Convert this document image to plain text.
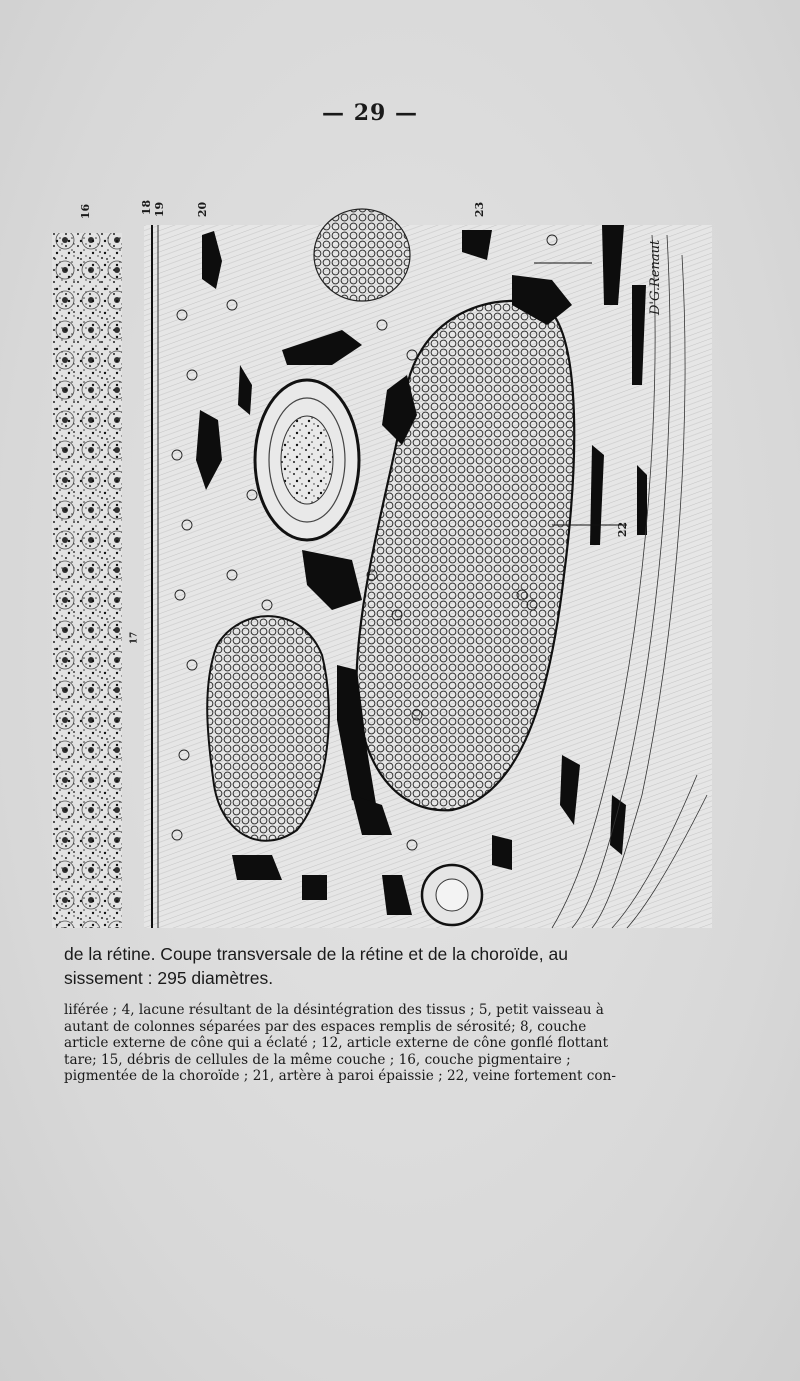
— 29 —
16	18 19	20	23
22
17
D'G.Renaut
de la rétine. Coupe transversale de la rétine et de la choroïde, au
sissement : 295 diamètres.

liférée ; 4, lacune résultant de la désintégration des tissus ; 5, petit vaisseau à

autant de colonnes séparées par des espaces remplis de sérosité; 8, couche

article externe de cône qui a éclaté ; 12, article externe de cône gonflé flottant

tare; 15, débris de cellules de la même couche ; 16, couche pigmentaire ;

pigmentée de la choroïde ; 21, artère à paroi épaissie ; 22, veine fortement con-
